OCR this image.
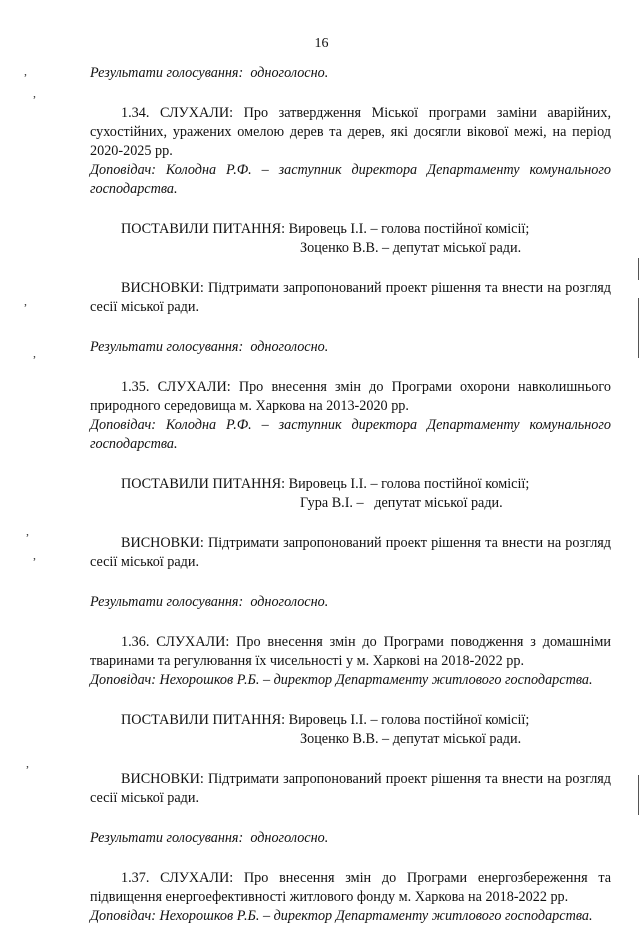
16
,
,
,
,
,
,
,

Результати голосування: одноголосно.

1.34. СЛУХАЛИ: Про затвердження Міської програми заміни аварійних, сухостійних, уражених омелою дерев та дерев, які досягли вікової межі, на період 2020-2025 рр.

Доповідач: Колодна Р.Ф. – заступник директора Департаменту комунального господарства.

ПОСТАВИЛИ ПИТАННЯ: Вировець І.І. – голова постійної комісії;
Зоценко В.В. – депутат міської ради.

ВИСНОВКИ: Підтримати запропонований проект рішення та внести на розгляд сесії міської ради.

Результати голосування: одноголосно.

1.35. СЛУХАЛИ: Про внесення змін до Програми охорони навколишнього природного середовища м. Харкова на 2013-2020 рр.

Доповідач: Колодна Р.Ф. – заступник директора Департаменту комунального господарства.

ПОСТАВИЛИ ПИТАННЯ: Вировець І.І. – голова постійної комісії;
Гура В.І. –   депутат міської ради.

ВИСНОВКИ: Підтримати запропонований проект рішення та внести на розгляд сесії міської ради.

Результати голосування: одноголосно.

1.36. СЛУХАЛИ: Про внесення змін до Програми поводження з домашніми тваринами та регулювання їх чисельності у м. Харкові на 2018-2022 рр.

Доповідач: Нехорошков Р.Б. – директор Департаменту житлового господарства.

ПОСТАВИЛИ ПИТАННЯ: Вировець І.І. – голова постійної комісії;
Зоценко В.В. – депутат міської ради.

ВИСНОВКИ: Підтримати запропонований проект рішення та внести на розгляд сесії міської ради.

Результати голосування: одноголосно.

1.37. СЛУХАЛИ: Про внесення змін до Програми енергозбереження та підвищення енергоефективності житлового фонду м. Харкова на 2018-2022 рр.

Доповідач: Нехорошков Р.Б. – директор Департаменту житлового господарства.
